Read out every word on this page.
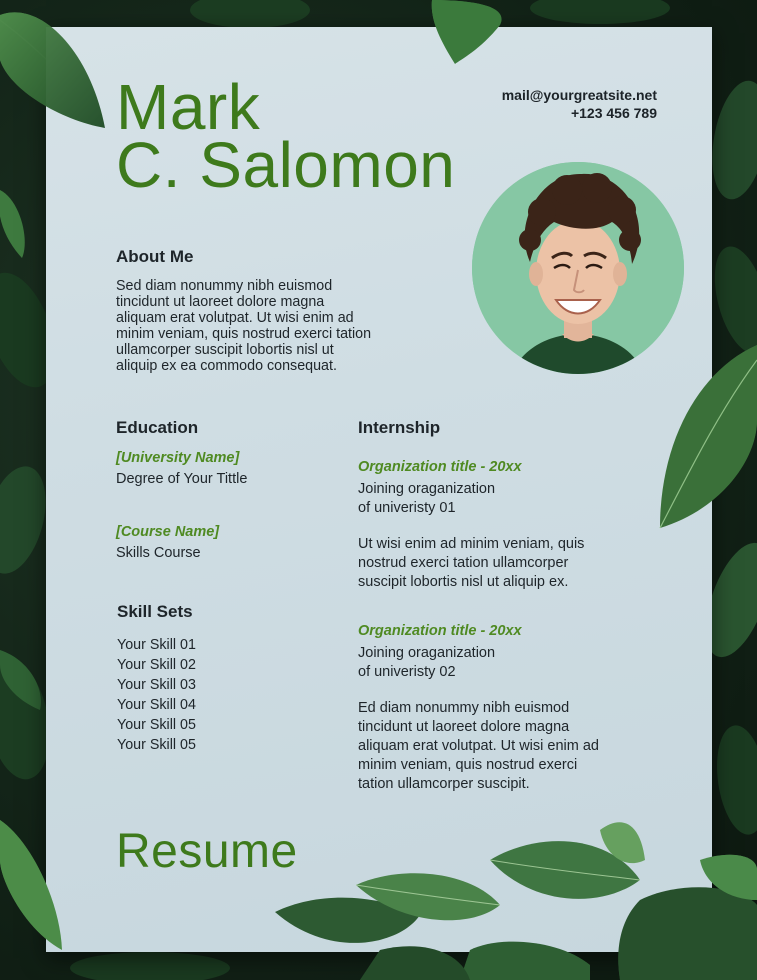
Mark
C. Salomon
mail@yourgreatsite.net
+123 456 789
About Me
Sed diam nonummy nibh euismod
tincidunt ut laoreet dolore magna
aliquam erat volutpat. Ut wisi enim ad
minim veniam, quis nostrud exerci tation
ullamcorper suscipit lobortis nisl ut
aliquip ex ea commodo consequat.
Education
[University Name]
Degree of Your Tittle
[Course Name]
Skills Course
Skill Sets
Your Skill 01
Your Skill 02
Your Skill 03
Your Skill 04
Your Skill 05
Your Skill 05
Internship
Organization title - 20xx
Joining oraganization
of univeristy 01
Ut wisi enim ad minim veniam, quis
nostrud exerci tation ullamcorper
suscipit lobortis nisl ut aliquip ex.
Organization title - 20xx
Joining oraganization
of univeristy 02
Ed diam nonummy nibh euismod
tincidunt ut laoreet dolore magna
aliquam erat volutpat. Ut wisi enim ad
minim veniam, quis nostrud exerci
tation ullamcorper suscipit.
Resume
